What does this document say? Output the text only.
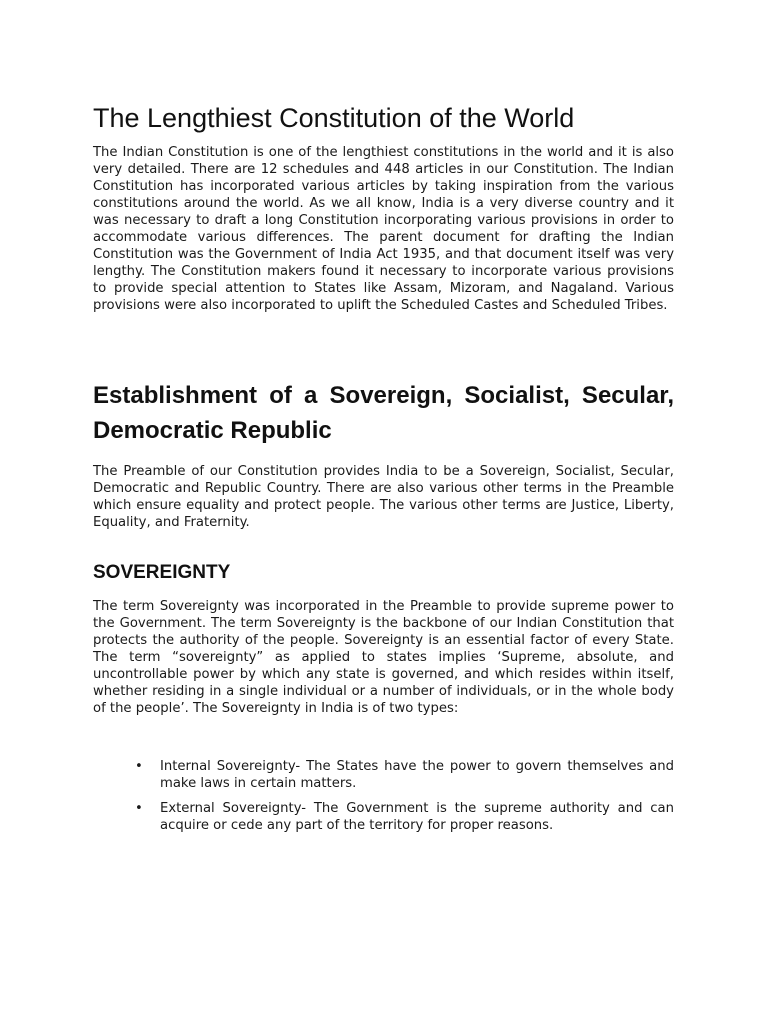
The Lengthiest Constitution of the World

The Indian Constitution is one of the lengthiest constitutions in the world and it is also very detailed. There are 12 schedules and 448 articles in our Constitution. The Indian Constitution has incorporated various articles by taking inspiration from the various constitutions around the world. As we all know, India is a very diverse country and it was necessary to draft a long Constitution incorporating various provisions in order to accommodate various differences. The parent document for drafting the Indian Constitution was the Government of India Act 1935, and that document itself was very lengthy. The Constitution makers found it necessary to incorporate various provisions to provide special attention to States like Assam, Mizoram, and Nagaland. Various provisions were also incorporated to uplift the Scheduled Castes and Scheduled Tribes.

Establishment of a Sovereign, Socialist, Secular, Democratic Republic

The Preamble of our Constitution provides India to be a Sovereign, Socialist, Secular, Democratic and Republic Country. There are also various other terms in the Preamble which ensure equality and protect people. The various other terms are Justice, Liberty, Equality, and Fraternity.

SOVEREIGNTY

The term Sovereignty was incorporated in the Preamble to provide supreme power to the Government. The term Sovereignty is the backbone of our Indian Constitution that protects the authority of the people. Sovereignty is an essential factor of every State. The term “sovereignty” as applied to states implies ‘Supreme, absolute, and uncontrollable power by which any state is governed, and which resides within itself, whether residing in a single individual or a number of individuals, or in the whole body of the people’. The Sovereignty in India is of two types:

• Internal Sovereignty- The States have the power to govern themselves and make laws in certain matters.

• External Sovereignty- The Government is the supreme authority and can acquire or cede any part of the territory for proper reasons.
